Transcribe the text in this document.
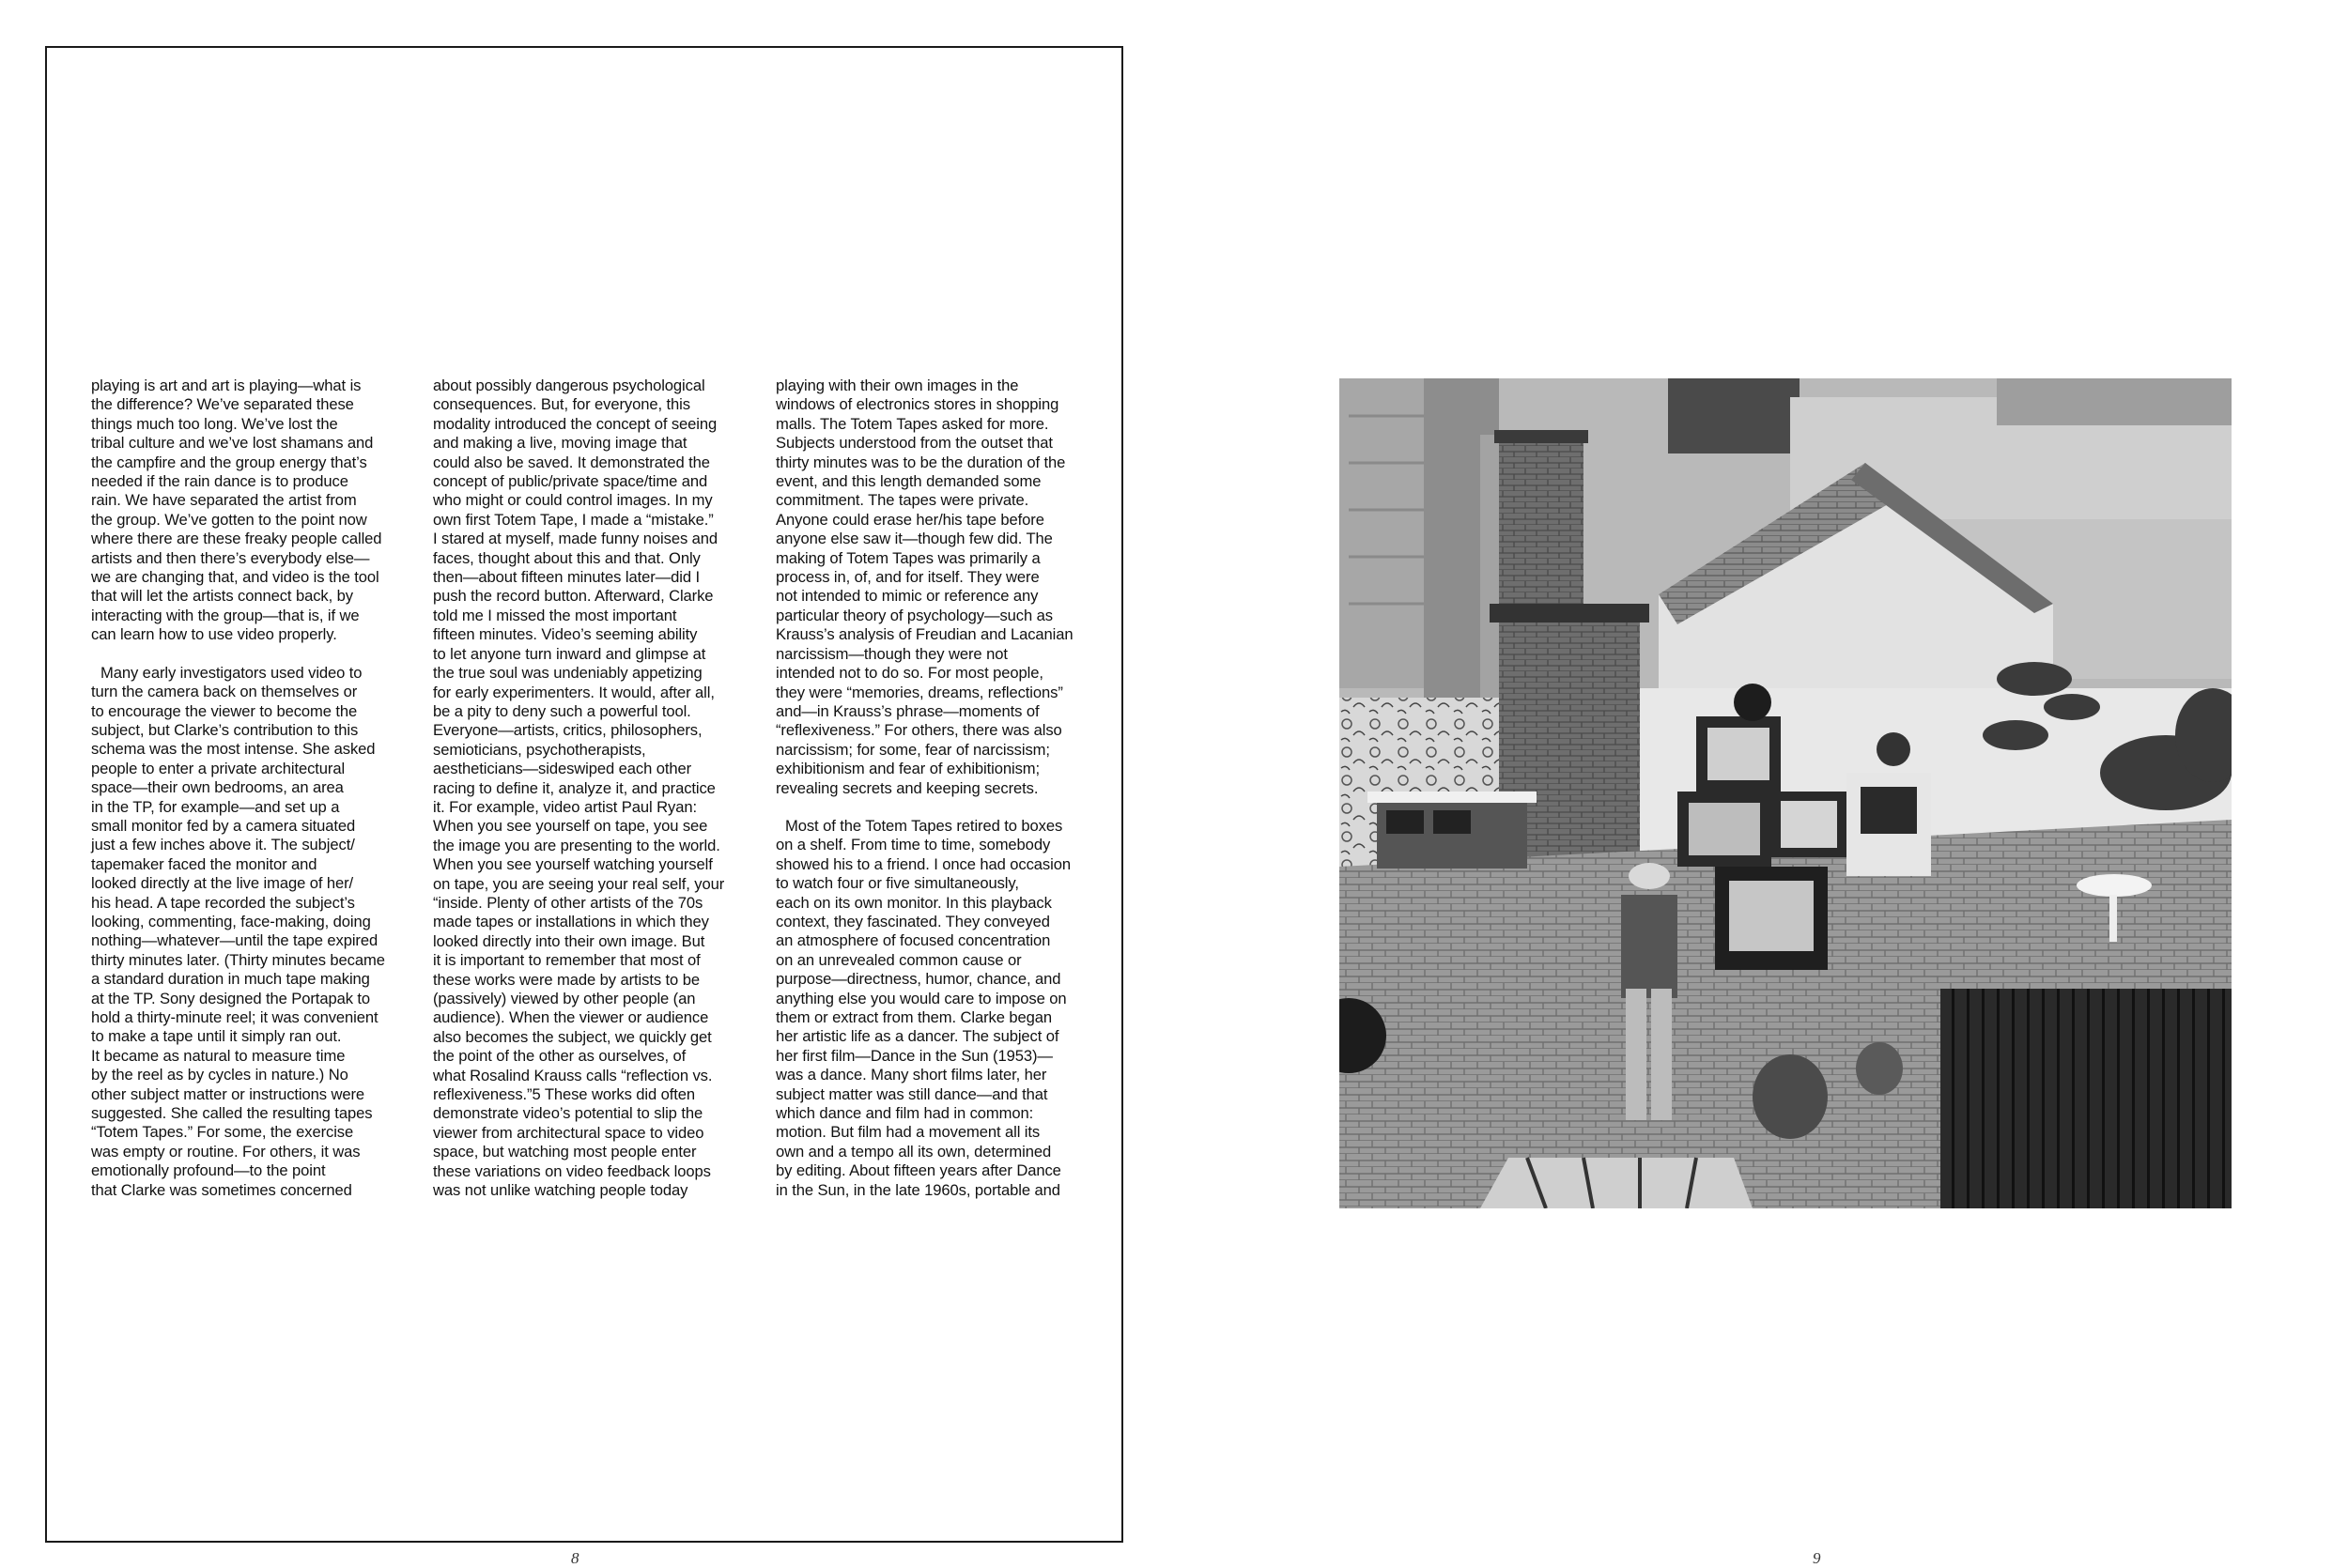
playing is art and art is playing—what is
the difference? We’ve separated these
things much too long. We’ve lost the
tribal culture and we’ve lost shamans and
the campfire and the group energy that’s
needed if the rain dance is to produce
rain. We have separated the artist from
the group. We’ve gotten to the point now
where there are these freaky people called
artists and then there’s everybody else—
we are changing that, and video is the tool
that will let the artists connect back, by
interacting with the group—that is, if we
can learn how to use video properly.

Many early investigators used video to
turn the camera back on themselves or
to encourage the viewer to become the
subject, but Clarke’s contribution to this
schema was the most intense. She asked
people to enter a private architectural
space—their own bedrooms, an area
in the TP, for example—and set up a
small monitor fed by a camera situated
just a few inches above it. The subject/
tapemaker faced the monitor and
looked directly at the live image of her/
his head. A tape recorded the subject’s
looking, commenting, face-making, doing
nothing—whatever—until the tape expired
thirty minutes later. (Thirty minutes became
a standard duration in much tape making
at the TP. Sony designed the Portapak to
hold a thirty-minute reel; it was convenient
to make a tape until it simply ran out.
It became as natural to measure time
by the reel as by cycles in nature.) No
other subject matter or instructions were
suggested. She called the resulting tapes
“Totem Tapes.” For some, the exercise
was empty or routine. For others, it was
emotionally profound—to the point
that Clarke was sometimes concerned

about possibly dangerous psychological
consequences. But, for everyone, this
modality introduced the concept of seeing
and making a live, moving image that
could also be saved. It demonstrated the
concept of public/private space/time and
who might or could control images. In my
own first Totem Tape, I made a “mistake.”
I stared at myself, made funny noises and
faces, thought about this and that. Only
then—about fifteen minutes later—did I
push the record button. Afterward, Clarke
told me I missed the most important
fifteen minutes. Video’s seeming ability
to let anyone turn inward and glimpse at
the true soul was undeniably appetizing
for early experimenters. It would, after all,
be a pity to deny such a powerful tool.
Everyone—artists, critics, philosophers,
semioticians, psychotherapists,
aestheticians—sideswiped each other
racing to define it, analyze it, and practice
it. For example, video artist Paul Ryan:
When you see yourself on tape, you see
the image you are presenting to the world.
When you see yourself watching yourself
on tape, you are seeing your real self, your
“inside. Plenty of other artists of the 70s
made tapes or installations in which they
looked directly into their own image. But
it is important to remember that most of
these works were made by artists to be
(passively) viewed by other people (an
audience). When the viewer or audience
also becomes the subject, we quickly get
the point of the other as ourselves, of
what Rosalind Krauss calls “reflection vs.
reflexiveness.”5 These works did often
demonstrate video’s potential to slip the
viewer from architectural space to video
space, but watching most people enter
these variations on video feedback loops
was not unlike watching people today

playing with their own images in the
windows of electronics stores in shopping
malls. The Totem Tapes asked for more.
Subjects understood from the outset that
thirty minutes was to be the duration of the
event, and this length demanded some
commitment. The tapes were private.
Anyone could erase her/his tape before
anyone else saw it—though few did. The
making of Totem Tapes was primarily a
process in, of, and for itself. They were
not intended to mimic or reference any
particular theory of psychology—such as
Krauss’s analysis of Freudian and Lacanian
narcissism—though they were not
intended not to do so. For most people,
they were “memories, dreams, reflections”
and—in Krauss’s phrase—moments of
“reflexiveness.” For others, there was also
narcissism; for some, fear of narcissism;
exhibitionism and fear of exhibitionism;
revealing secrets and keeping secrets.

Most of the Totem Tapes retired to boxes
on a shelf. From time to time, somebody
showed his to a friend. I once had occasion
to watch four or five simultaneously,
each on its own monitor. In this playback
context, they fascinated. They conveyed
an atmosphere of focused concentration
on an unrevealed common cause or
purpose—directness, humor, chance, and
anything else you would care to impose on
them or extract from them. Clarke began
her artistic life as a dancer. The subject of
her first film—Dance in the Sun (1953)—
was a dance. Many short films later, her
subject matter was still dance—and that
which dance and film had in common:
motion. But film had a movement all its
own and a tempo all its own, determined
by editing. About fifteen years after Dance
in the Sun, in the late 1960s, portable and

8	9
